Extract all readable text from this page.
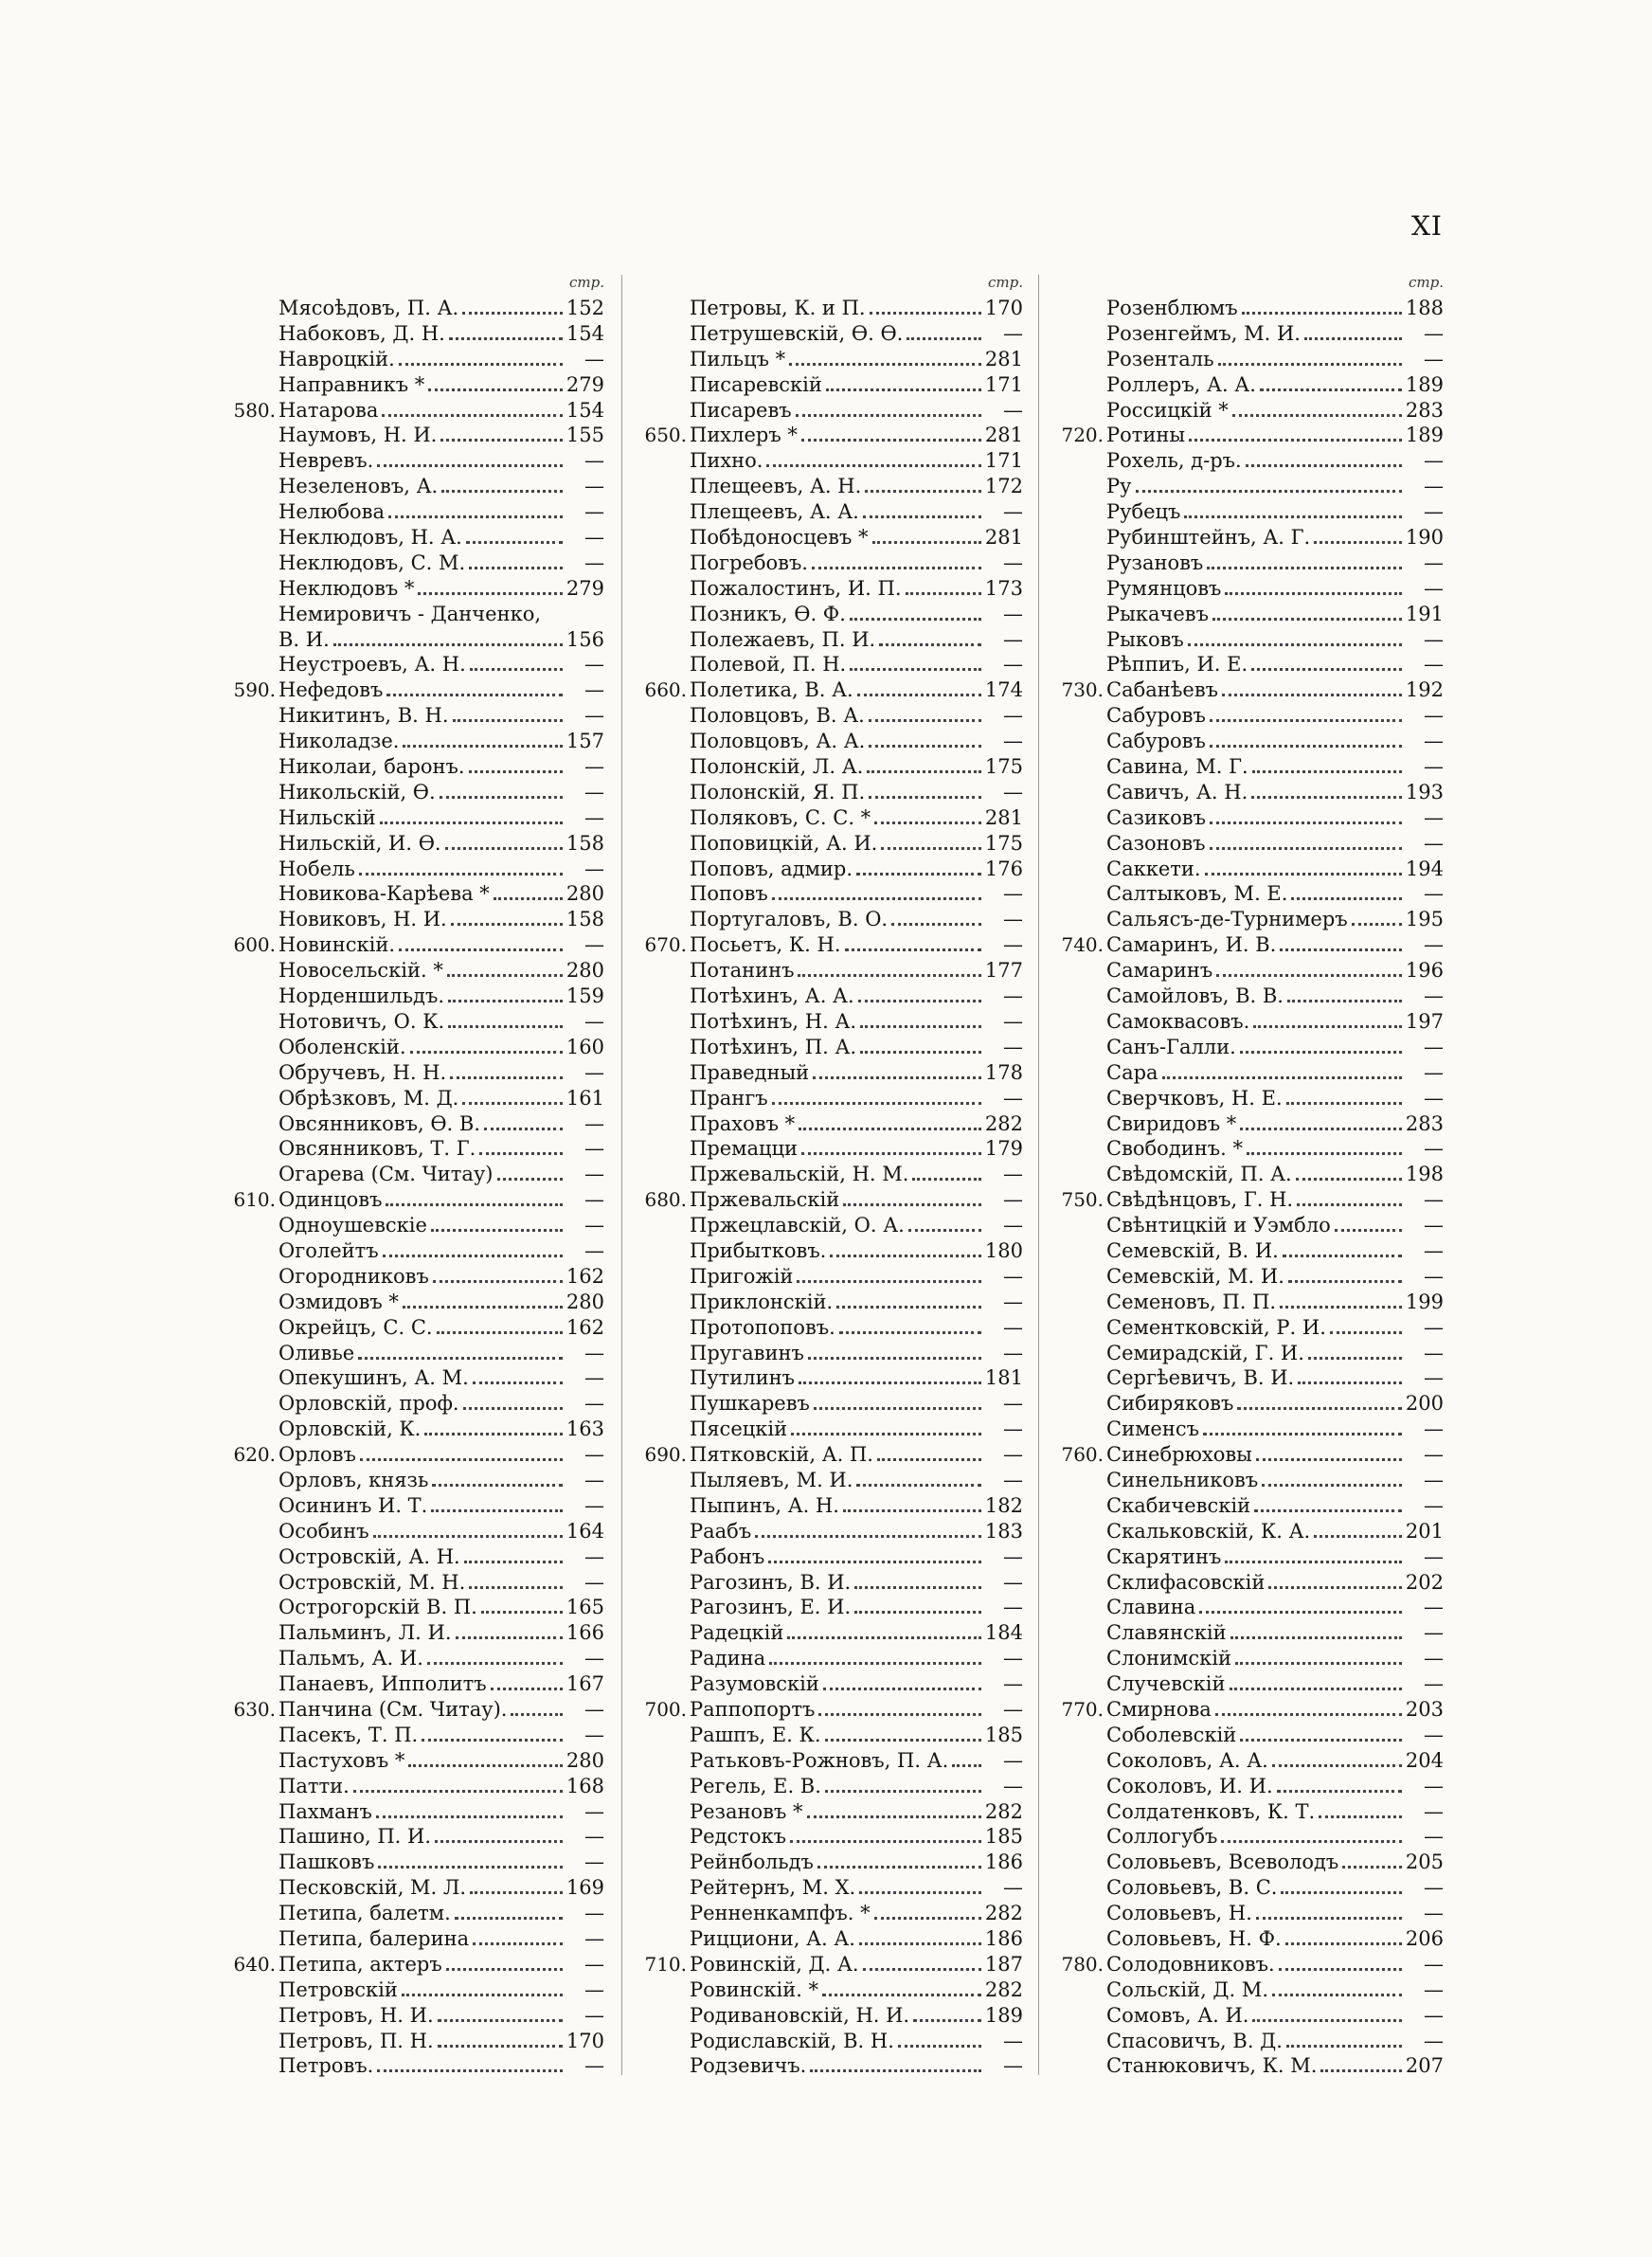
XI
стр.
Мясоѣдовъ, П. А.	152
Набоковъ, Д. Н.	154
Наврoцкiй.	—
Направникъ *	279
580. Натарова	154
Наумовъ, Н. И.	155
Невревъ.	—
Незеленовъ, А.	—
Нелюбова	—
Неклюдовъ, Н. А.	—
Неклюдовъ, С. М.	—
Неклюдовъ *	279
Немировичъ - Данченко,
В. И.	156
Неустроевъ, А. Н.	—
590. Нефедовъ	—
Никитинъ, В. Н.	—
Николадзе.	157
Николаи, баронъ.	—
Никольскiй, Ѳ.	—
Нильскiй	—
Нильскiй, И. Ѳ.	158
Нобель	—
Новикова-Карѣева *	280
Новиковъ, Н. И.	158
600. Новинскiй.	—
Новосельскiй. *	280
Норденшильдъ.	159
Нотовичъ, О. К.	—
Оболенскiй.	160
Обручевъ, Н. Н.	—
Обрѣзковъ, М. Д.	161
Овсянниковъ, Ѳ. В.	—
Овсянниковъ, Т. Г.	—
Огарева (См. Читау)	—
610. Одинцовъ	—
Одноушевскiе	—
Оголейтъ	—
Огородниковъ	162
Озмидовъ *	280
Окрейцъ, С. С.	162
Оливье	—
Опекушинъ, А. М.	—
Орловскiй, проф.	—
Орловскiй, К.	163
620. Орловъ	—
Орловъ, князь	—
Осининъ И. Т.	—
Особинъ	164
Островскiй, А. Н.	—
Островскiй, М. Н.	—
Острогорскiй В. П.	165
Пальминъ, Л. И.	166
Пальмъ, А. И.	—
Панаевъ, Ипполитъ	167
630. Панчина (См. Читау).	—
Пасекъ, Т. П.	—
Пастуховъ *	280
Патти.	168
Пахманъ	—
Пашино, П. И.	—
Пашковъ	—
Песковскiй, М. Л.	169
Петипа, балетм.	—
Петипа, балерина	—
640. Петипа, актеръ	—
Петровскiй	—
Петровъ, Н. И.	—
Петровъ, П. Н.	170
Петровъ.	—
стр.
Петровы, К. и П.	170
Петрушевскiй, Ѳ. Ѳ.	—
Пильцъ *	281
Писаревскiй	171
Писаревъ	—
650. Пихлеръ *	281
Пихно.	171
Плещеевъ, А. Н.	172
Плещеевъ, А. А.	—
Побѣдоносцевъ *	281
Погребовъ.	—
Пожалостинъ, И. П.	173
Позникъ, Ѳ. Ф.	—
Полежаевъ, П. И.	—
Полевой, П. Н.	—
660. Полетика, В. А.	174
Половцовъ, В. А.	—
Половцовъ, А. А.	—
Полонскiй, Л. А.	175
Полонскiй, Я. П.	—
Поляковъ, С. С. *	281
Поповицкiй, А. И.	175
Поповъ, адмир.	176
Поповъ	—
Португаловъ, В. О.	—
670. Посьетъ, К. Н.	—
Потанинъ	177
Потѣхинъ, А. А.	—
Потѣхинъ, Н. А.	—
Потѣхинъ, П. А.	—
Праведный	178
Прангъ	—
Праховъ *	282
Премацци	179
Пржевальскiй, Н. М.	—
680. Пржевальскiй	—
Пржецлавскiй, О. А.	—
Прибытковъ.	180
Пригожiй	—
Приклонскiй.	—
Протопоповъ.	—
Пругавинъ	—
Путилинъ	181
Пушкаревъ	—
Пясецкiй	—
690. Пятковскiй, А. П.	—
Пыляевъ, М. И.	—
Пыпинъ, А. Н.	182
Раабъ	183
Рабонъ	—
Рагозинъ, В. И.	—
Рагозинъ, Е. И.	—
Радецкiй	184
Радина	—
Разумовскiй	—
700. Раппопортъ	—
Рашпъ, Е. К.	185
Ратьковъ-Рожновъ, П. А.	—
Регель, Е. В.	—
Резановъ *	282
Редстокъ	185
Рейнбольдъ	186
Рейтернъ, М. Х.	—
Ренненкампфъ. *	282
Рицциони, А. А.	186
710. Ровинскiй, Д. А.	187
Ровинскiй. *	282
Родивановскiй, Н. И.	189
Родиславскiй, В. Н.	—
Родзевичъ.	—
стр.
Розенблюмъ	188
Розенгеймъ, М. И.	—
Розенталь	—
Роллеръ, А. А.	189
Россицкiй *	283
720. Ротины	189
Рохель, д-ръ.	—
Ру	—
Рубецъ	—
Рубинштейнъ, А. Г.	190
Рузановъ	—
Румянцовъ	—
Рыкачевъ	191
Рыковъ	—
Рѣппиъ, И. Е.	—
730. Сабанѣевъ	192
Сабуровъ	—
Сабуровъ	—
Савина, М. Г.	—
Савичъ, А. Н.	193
Сазиковъ	—
Сазоновъ	—
Саккети.	194
Салтыковъ, М. Е.	—
Сальясъ-де-Турнимеръ	195
740. Самаринъ, И. В.	—
Самаринъ	196
Самойловъ, В. В.	—
Самоквасовъ.	197
Санъ-Галли.	—
Сара	—
Сверчковъ, Н. Е.	—
Свиридовъ *	283
Свободинъ. *	—
Свѣдомскiй, П. А.	198
750. Свѣдѣнцовъ, Г. Н.	—
Свѣнтицкiй и Уэмбло	—
Семевскiй, В. И.	—
Семевскiй, М. И.	—
Семеновъ, П. П.	199
Сементковскiй, Р. И.	—
Семирадскiй, Г. И.	—
Сергѣевичъ, В. И.	—
Сибиряковъ	200
Сименсъ	—
760. Синебрюховы	—
Синельниковъ	—
Скабичевскiй	—
Скальковскiй, К. А.	201
Скарятинъ	—
Склифасовскiй	202
Славина	—
Славянскiй	—
Слонимскiй	—
Случевскiй	—
770. Смирнова	203
Соболевскiй	—
Соколовъ, А. А.	204
Соколовъ, И. И.	—
Солдатенковъ, К. Т.	—
Соллогубъ	—
Соловьевъ, Всеволодъ	205
Соловьевъ, В. С.	—
Соловьевъ, Н.	—
Соловьевъ, Н. Ф.	206
780. Солодовниковъ.	—
Сольскiй, Д. М.	—
Сомовъ, А. И.	—
Спасовичъ, В. Д.	—
Станюковичъ, К. М.	207
